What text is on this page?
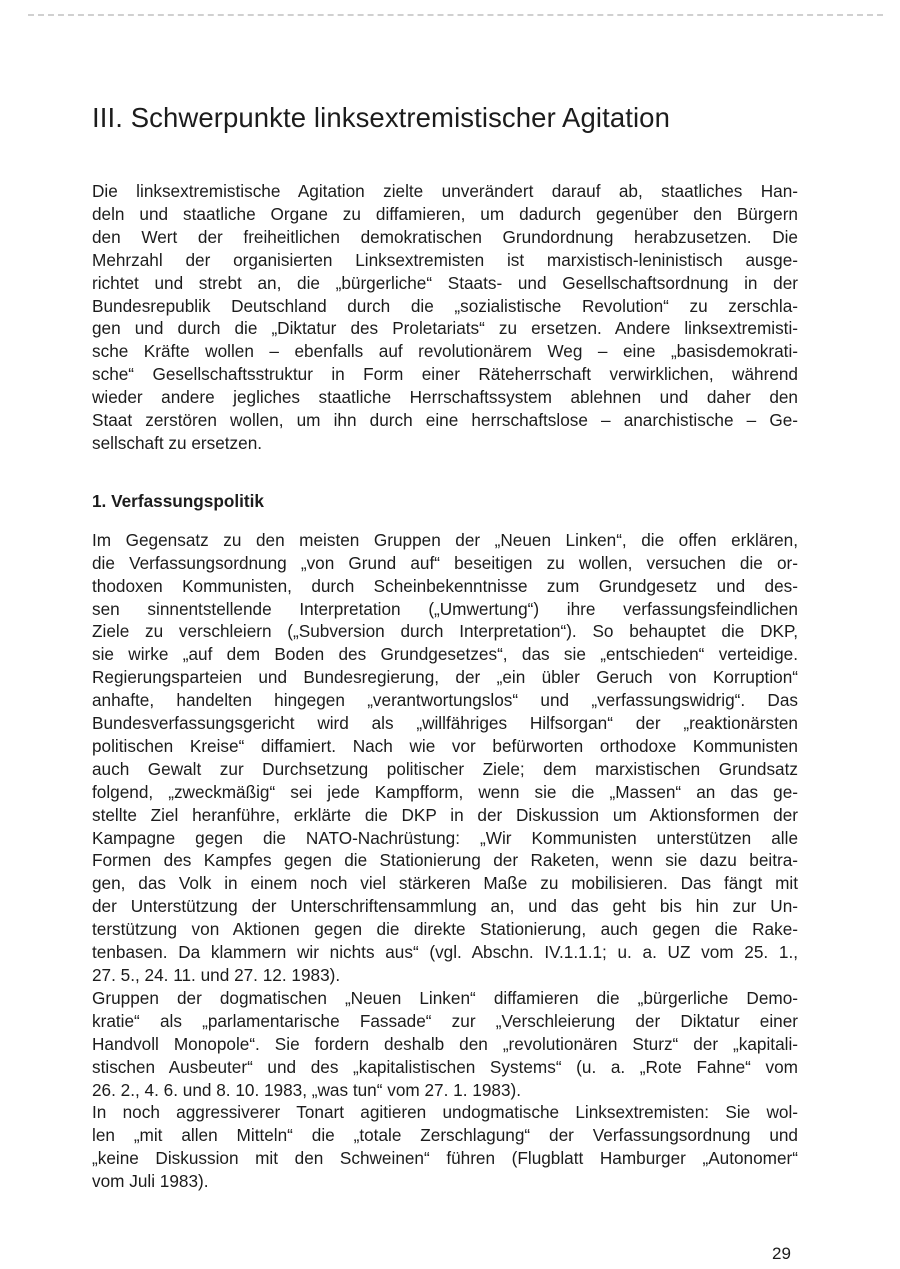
III. Schwerpunkte linksextremistischer Agitation
Die linksextremistische Agitation zielte unverändert darauf ab, staatliches Han-
deln und staatliche Organe zu diffamieren, um dadurch gegenüber den Bürgern
den Wert der freiheitlichen demokratischen Grundordnung herabzusetzen. Die
Mehrzahl der organisierten Linksextremisten ist marxistisch-leninistisch ausge-
richtet und strebt an, die „bürgerliche“ Staats- und Gesellschaftsordnung in der
Bundesrepublik Deutschland durch die „sozialistische Revolution“ zu zerschla-
gen und durch die „Diktatur des Proletariats“ zu ersetzen. Andere linksextremisti-
sche Kräfte wollen – ebenfalls auf revolutionärem Weg – eine „basisdemokrati-
sche“ Gesellschaftsstruktur in Form einer Räteherrschaft verwirklichen, während
wieder andere jegliches staatliche Herrschaftssystem ablehnen und daher den
Staat zerstören wollen, um ihn durch eine herrschaftslose – anarchistische – Ge-
sellschaft zu ersetzen.
1. Verfassungspolitik
Im Gegensatz zu den meisten Gruppen der „Neuen Linken“, die offen erklären,
die Verfassungsordnung „von Grund auf“ beseitigen zu wollen, versuchen die or-
thodoxen Kommunisten, durch Scheinbekenntnisse zum Grundgesetz und des-
sen sinnentstellende Interpretation („Umwertung“) ihre verfassungsfeindlichen
Ziele zu verschleiern („Subversion durch Interpretation“). So behauptet die DKP,
sie wirke „auf dem Boden des Grundgesetzes“, das sie „entschieden“ verteidige.
Regierungsparteien und Bundesregierung, der „ein übler Geruch von Korruption“
anhafte, handelten hingegen „verantwortungslos“ und „verfassungswidrig“. Das
Bundesverfassungsgericht wird als „willfähriges Hilfsorgan“ der „reaktionärsten
politischen Kreise“ diffamiert. Nach wie vor befürworten orthodoxe Kommunisten
auch Gewalt zur Durchsetzung politischer Ziele; dem marxistischen Grundsatz
folgend, „zweckmäßig“ sei jede Kampfform, wenn sie die „Massen“ an das ge-
stellte Ziel heranführe, erklärte die DKP in der Diskussion um Aktionsformen der
Kampagne gegen die NATO-Nachrüstung: „Wir Kommunisten unterstützen alle
Formen des Kampfes gegen die Stationierung der Raketen, wenn sie dazu beitra-
gen, das Volk in einem noch viel stärkeren Maße zu mobilisieren. Das fängt mit
der Unterstützung der Unterschriftensammlung an, und das geht bis hin zur Un-
terstützung von Aktionen gegen die direkte Stationierung, auch gegen die Rake-
tenbasen. Da klammern wir nichts aus“ (vgl. Abschn. IV.1.1.1; u. a. UZ vom 25. 1.,
27. 5., 24. 11. und 27. 12. 1983).
Gruppen der dogmatischen „Neuen Linken“ diffamieren die „bürgerliche Demo-
kratie“ als „parlamentarische Fassade“ zur „Verschleierung der Diktatur einer
Handvoll Monopole“. Sie fordern deshalb den „revolutionären Sturz“ der „kapitali-
stischen Ausbeuter“ und des „kapitalistischen Systems“ (u. a. „Rote Fahne“ vom
26. 2., 4. 6. und 8. 10. 1983, „was tun“ vom 27. 1. 1983).
In noch aggressiverer Tonart agitieren undogmatische Linksextremisten: Sie wol-
len „mit allen Mitteln“ die „totale Zerschlagung“ der Verfassungsordnung und
„keine Diskussion mit den Schweinen“ führen (Flugblatt Hamburger „Autonomer“
vom Juli 1983).
29
